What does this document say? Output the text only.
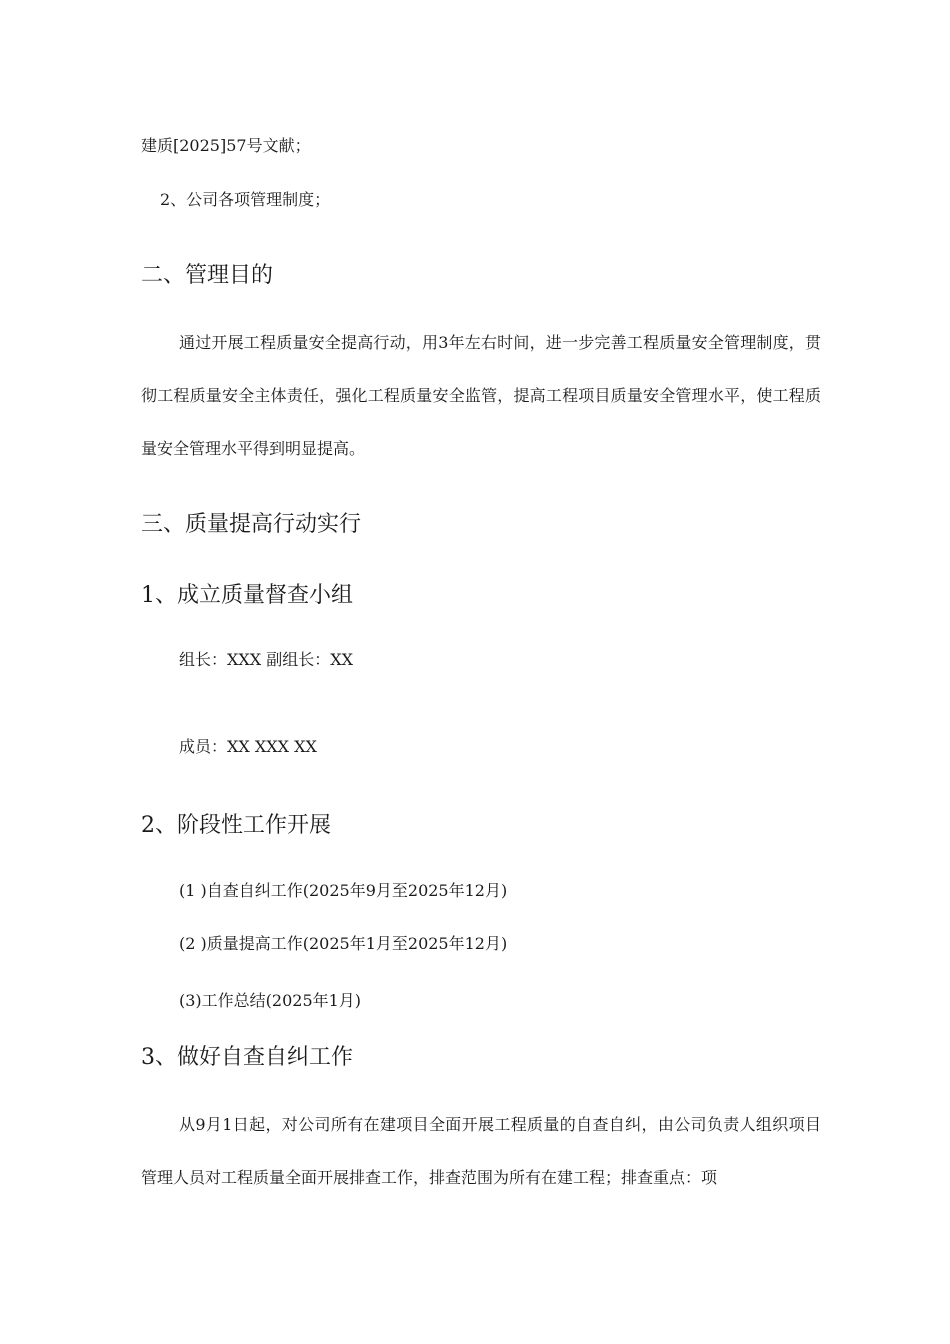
建质[2025]57号文献；
2、公司各项管理制度；
二、管理目的

通过开展工程质量安全提高行动，用3年左右时间，进一步完善工程质量安全管理制度，贯彻工程质量安全主体责任，强化工程质量安全监管，提高工程项目质量安全管理水平，使工程质量安全管理水平得到明显提高。

三、质量提高行动实行
1、成立质量督查小组
组长：XXX 副组长：XX
成员：XX XXX XX
2、阶段性工作开展
(1 )自查自纠工作(2025年9月至2025年12月)
(2 )质量提高工作(2025年1月至2025年12月)
(3)工作总结(2025年1月)
3、做好自查自纠工作

从9月1日起，对公司所有在建项目全面开展工程质量的自查自纠，由公司负责人组织项目管理人员对工程质量全面开展排查工作，排查范围为所有在建工程；排查重点：项
